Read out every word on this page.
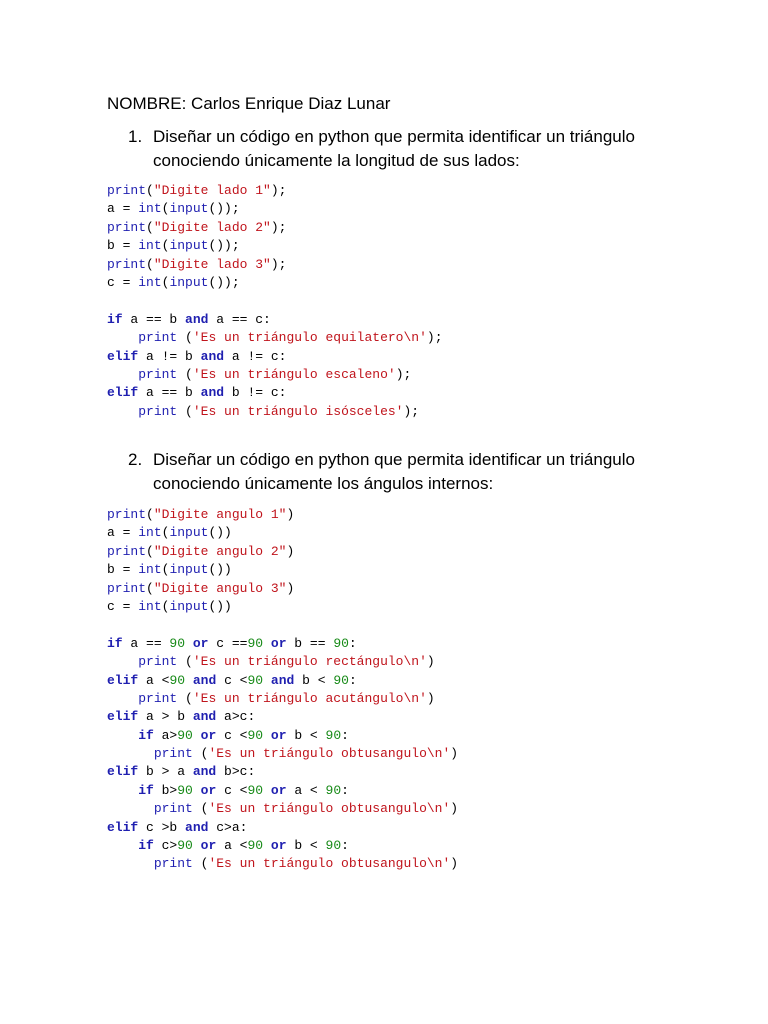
NOMBRE: Carlos Enrique Diaz Lunar
1. Diseñar un código en python que permita identificar un triángulo
conociendo únicamente la longitud de sus lados:
print("Digite lado 1");
a = int(input());
print("Digite lado 2");
b = int(input());
print("Digite lado 3");
c = int(input());
if a == b and a == c:
print ('Es un triángulo equilatero\n');
elif a != b and a != c:
print ('Es un triángulo escaleno');
elif a == b and b != c:
print ('Es un triángulo isósceles');
2. Diseñar un código en python que permita identificar un triángulo
conociendo únicamente los ángulos internos:
print("Digite angulo 1")
a = int(input())
print("Digite angulo 2")
b = int(input())
print("Digite angulo 3")
c = int(input())
if a == 90 or c ==90 or b == 90:
print ('Es un triángulo rectángulo\n')
elif a <90 and c <90 and b < 90:
print ('Es un triángulo acutángulo\n')
elif a > b and a>c:
if a>90 or c <90 or b < 90:
print ('Es un triángulo obtusangulo\n')
elif b > a and b>c:
if b>90 or c <90 or a < 90:
print ('Es un triángulo obtusangulo\n')
elif c >b and c>a:
if c>90 or a <90 or b < 90:
print ('Es un triángulo obtusangulo\n')
